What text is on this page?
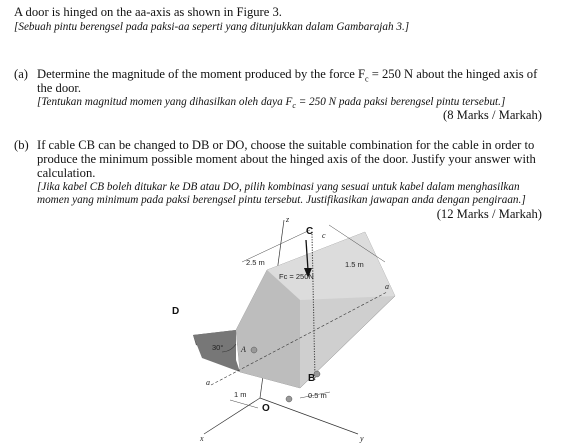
A door is hinged on the aa-axis as shown in Figure 3.
[Sebuah pintu berengsel pada paksi-aa seperti yang ditunjukkan dalam Gambarajah 3.]
(a) Determine the magnitude of the moment produced by the force $F_c = 250$ N about the hinged axis of
the door.
[Tentukan magnitud momen yang dihasilkan oleh daya $F_c = 250$ N pada paksi berengsel pintu tersebut.]
(8 Marks / Markah)
(b) If cable CB can be changed to DB or DO, choose the suitable combination for the cable in order to
produce the minimum possible moment about the hinged axis of the door. Justify your answer with
calculation.
[Jika kabel CB boleh ditukar ke DB atau DO, pilih kombinasi yang sesuai untuk kabel dalam menghasilkan
momen yang minimum pada paksi berengsel pintu tersebut. Justifikasikan jawapan anda dengan pengiraan.]
(12 Marks / Markah)
2.5 m	1.5 m
1 m	0.5 m
30°
Fc = 250N
C c
D
A
B
O
a
a
x	y
z
